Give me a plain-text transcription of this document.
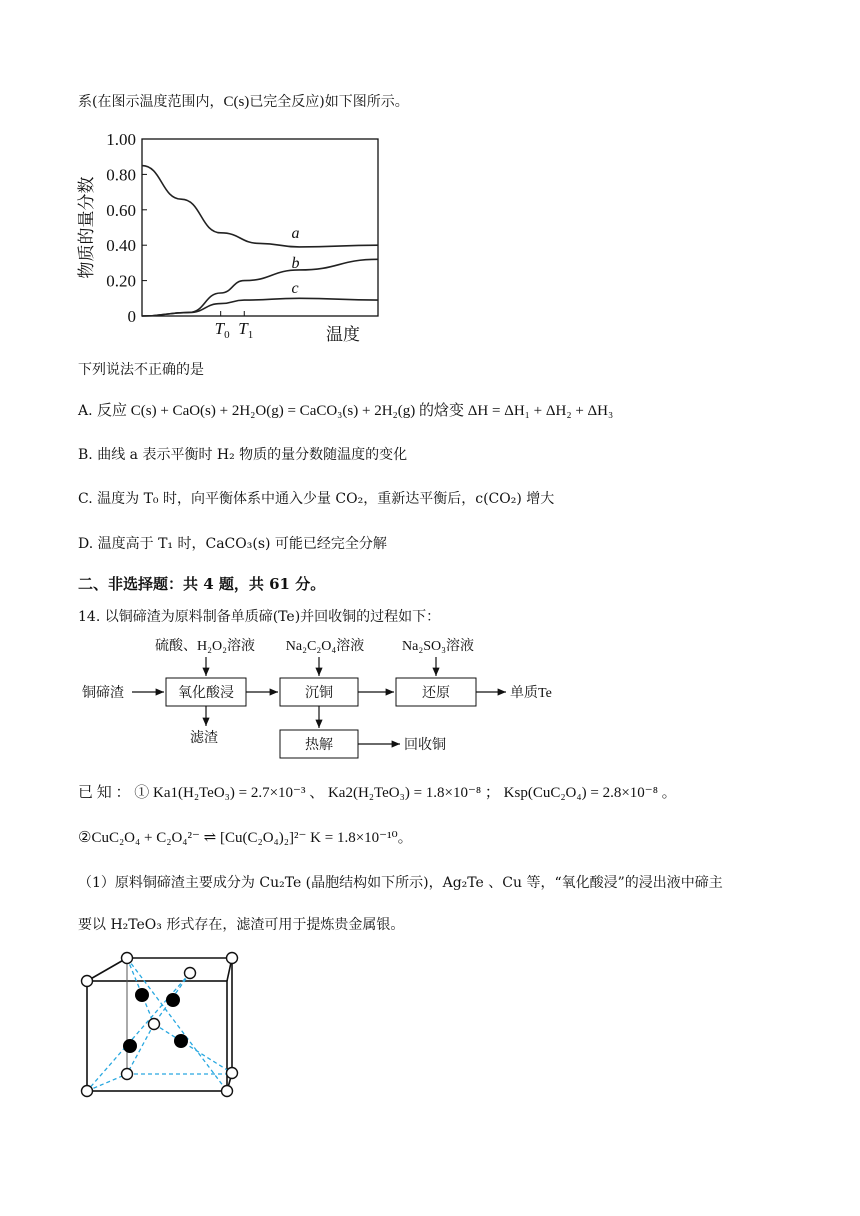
系(在图示温度范围内，C(s)已完全反应)如下图所示。
1.00
0.80
0.60
0.40
0.20
0
$T_0$ $T_1$
物质的量分数
温度
a
b
c
下列说法不正确的是
A. 反应 C(s) + CaO(s) + 2H₂O(g) = CaCO₃(s) + 2H₂(g) 的焓变 ΔH = ΔH₁ + ΔH₂ + ΔH₃
B. 曲线 a 表示平衡时 H₂ 物质的量分数随温度的变化
C. 温度为 T₀ 时，向平衡体系中通入少量 CO₂，重新达平衡后，c(CO₂) 增大
D. 温度高于 T₁ 时，CaCO₃(s) 可能已经完全分解
二、非选择题：共 4 题，共 61 分。
14. 以铜碲渣为原料制备单质碲(Te)并回收铜的过程如下：
硫酸、H₂O₂溶液 Na₂C₂O₄溶液	Na₂SO₃溶液
铜碲渣	氧化酸浸	沉铜	还原	单质Te
热解	回收铜
滤渣
已 知 ： ① Ka1(H₂TeO₃) = 2.7×10⁻³ 、 Ka2(H₂TeO₃) = 1.8×10⁻⁸ ； Ksp(CuC₂O₄) = 2.8×10⁻⁸ 。
②CuC₂O₄ + C₂O₄²⁻ ⇌ [Cu(C₂O₄)₂]²⁻ K = 1.8×10⁻¹⁰。
（1）原料铜碲渣主要成分为 Cu₂Te (晶胞结构如下所示)，Ag₂Te 、Cu 等，“氧化酸浸”的浸出液中碲主
要以 H₂TeO₃ 形式存在，滤渣可用于提炼贵金属银。
